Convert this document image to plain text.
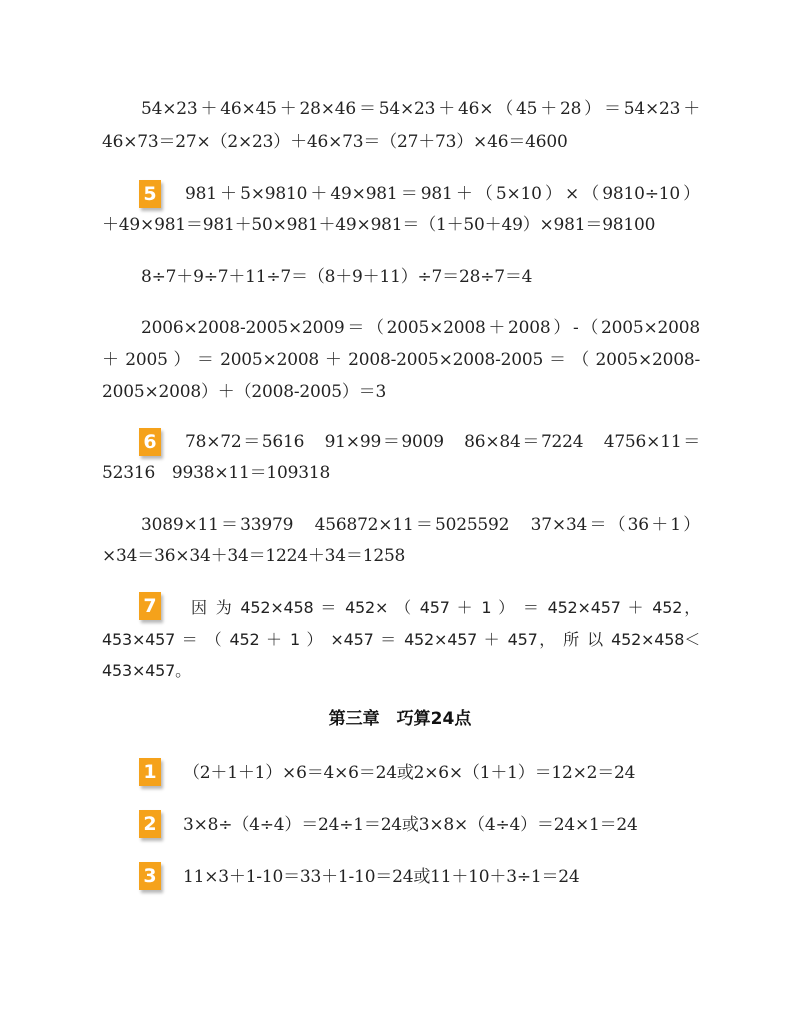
54×23＋46×45＋28×46＝54×23＋46×（45＋28）＝54×23＋
46×73＝27×（2×23）＋46×73＝（27＋73）×46＝4600
5 981＋5×9810＋49×981＝981＋（5×10）×（9810÷10）
＋49×981＝981＋50×981＋49×981＝（1＋50＋49）×981＝98100
8÷7＋9÷7＋11÷7＝（8＋9＋11）÷7＝28÷7＝4
2006×2008-2005×2009＝（2005×2008＋2008）-（2005×2008
＋ 2005 ） ＝ 2005×2008 ＋ 2008-2005×2008-2005 ＝ （ 2005×2008-
2005×2008）＋（2008-2005）＝3
6 78×72＝5616　91×99＝9009　86×84＝7224　4756×11＝
52316　9938×11＝109318
3089×11＝33979　456872×11＝5025592　37×34＝（36＋1）
×34＝36×34＋34＝1224＋34＝1258
7 因 为 452×458 ＝ 452× （ 457 ＋ 1 ） ＝ 452×457 ＋ 452，
453×457 ＝ （ 452 ＋ 1 ） ×457 ＝ 452×457 ＋ 457， 所 以 452×458＜
453×457。
第三章　巧算24点
1 （2＋1＋1）×6＝4×6＝24或2×6×（1＋1）＝12×2＝24
2 3×8÷（4÷4）＝24÷1＝24或3×8×（4÷4）＝24×1＝24
3 11×3＋1-10＝33＋1-10＝24或11＋10＋3÷1＝24
